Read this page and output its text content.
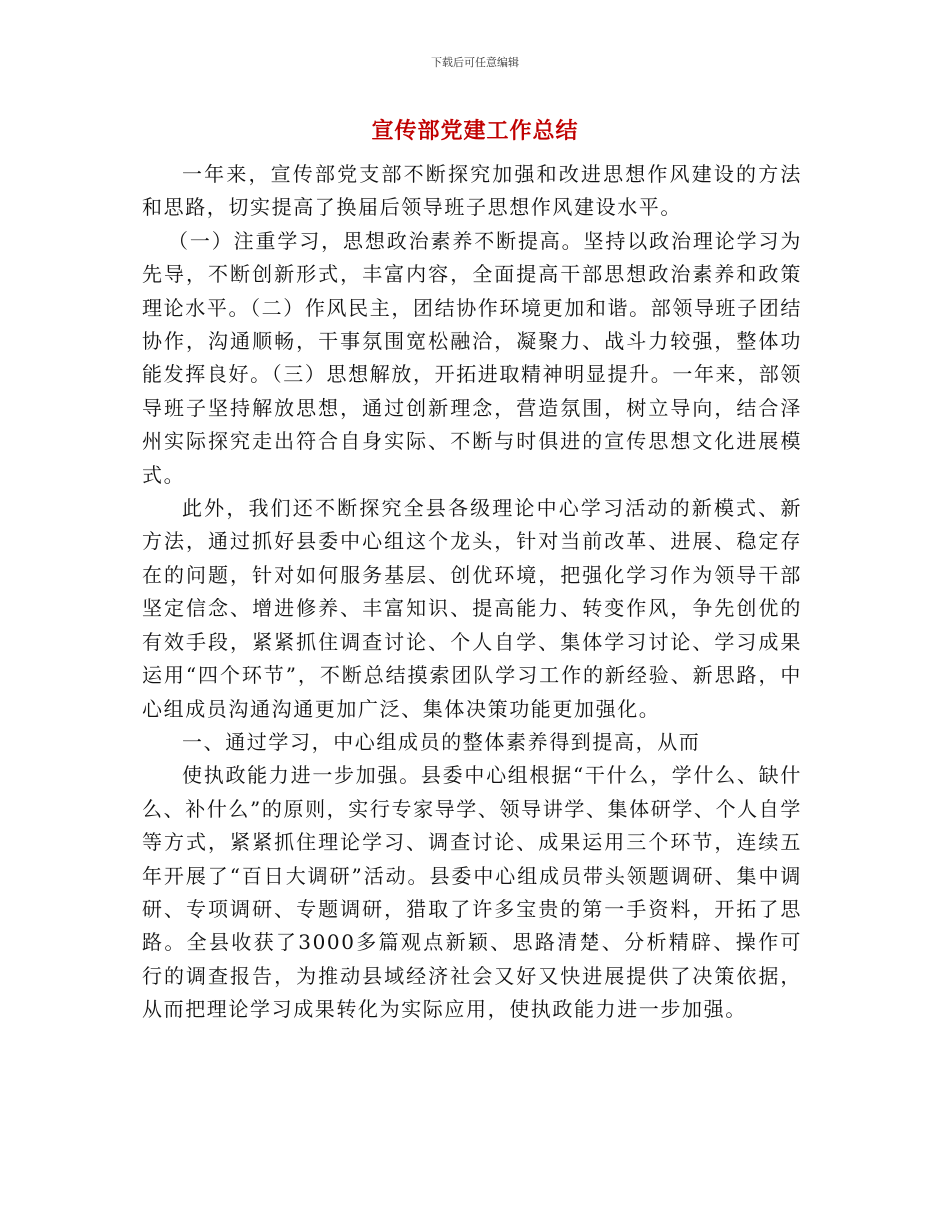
下载后可任意编辑
宣传部党建工作总结

一年来，宣传部党支部不断探究加强和改进思想作风建设的方法和思路，切实提高了换届后领导班子思想作风建设水平。

（一）注重学习，思想政治素养不断提高。坚持以政治理论学习为先导，不断创新形式，丰富内容，全面提高干部思想政治素养和政策理论水平。（二）作风民主，团结协作环境更加和谐。部领导班子团结协作，沟通顺畅，干事氛围宽松融洽，凝聚力、战斗力较强，整体功能发挥良好。（三）思想解放，开拓进取精神明显提升。一年来，部领导班子坚持解放思想，通过创新理念，营造氛围，树立导向，结合泽州实际探究走出符合自身实际、不断与时俱进的宣传思想文化进展模式。

此外，我们还不断探究全县各级理论中心学习活动的新模式、新方法，通过抓好县委中心组这个龙头，针对当前改革、进展、稳定存在的问题，针对如何服务基层、创优环境，把强化学习作为领导干部坚定信念、增进修养、丰富知识、提高能力、转变作风，争先创优的有效手段，紧紧抓住调查讨论、个人自学、集体学习讨论、学习成果运用“四个环节”，不断总结摸索团队学习工作的新经验、新思路，中心组成员沟通沟通更加广泛、集体决策功能更加强化。

一、通过学习，中心组成员的整体素养得到提高，从而

使执政能力进一步加强。县委中心组根据“干什么，学什么、缺什么、补什么”的原则，实行专家导学、领导讲学、集体研学、个人自学等方式，紧紧抓住理论学习、调查讨论、成果运用三个环节，连续五年开展了“百日大调研”活动。县委中心组成员带头领题调研、集中调研、专项调研、专题调研，猎取了许多宝贵的第一手资料，开拓了思路。全县收获了3000多篇观点新颖、思路清楚、分析精辟、操作可行的调查报告，为推动县域经济社会又好又快进展提供了决策依据，从而把理论学习成果转化为实际应用，使执政能力进一步加强。
